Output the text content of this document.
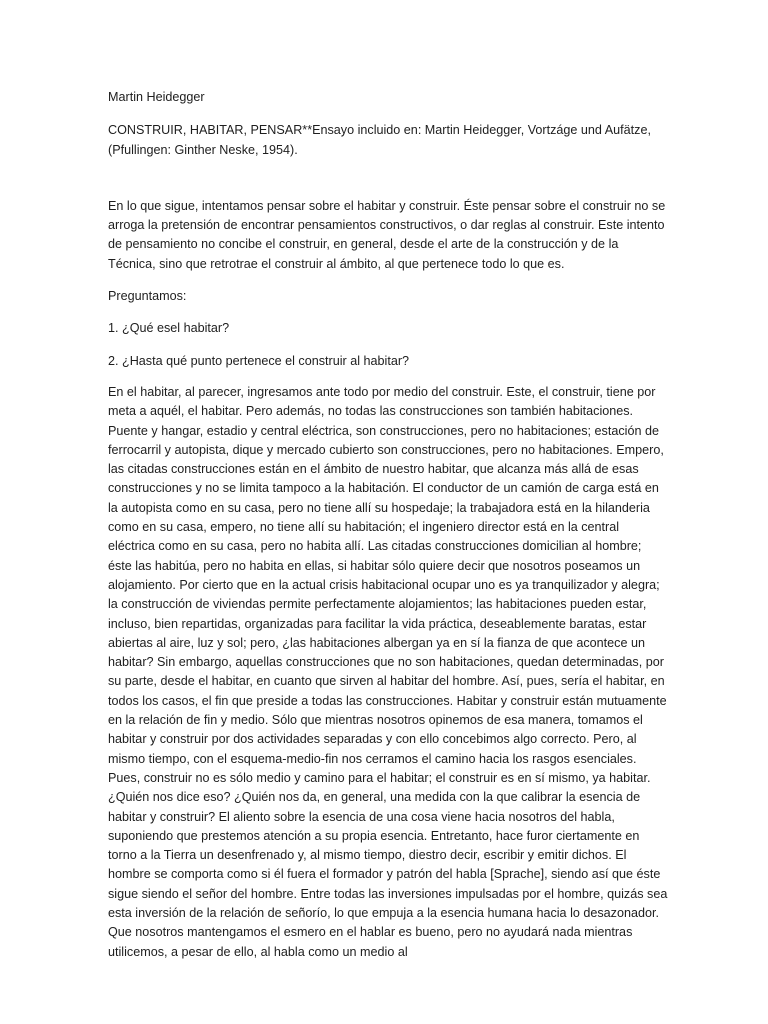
Martin Heidegger

CONSTRUIR, HABITAR, PENSAR**Ensayo incluido en: Martin Heidegger, Vortzáge und Aufätze, (Pfullingen: Ginther Neske, 1954).

En lo que sigue, intentamos pensar sobre el habitar y construir. Éste pensar sobre el construir no se arroga la pretensión de encontrar pensamientos constructivos, o dar reglas al construir. Este intento de pensamiento no concibe el construir, en general, desde el arte de la construcción y de la Técnica, sino que retrotrae el construir al ámbito, al que pertenece todo lo que es.

Preguntamos:

1. ¿Qué esel habitar?

2. ¿Hasta qué punto pertenece el construir al habitar?

En el habitar, al parecer, ingresamos ante todo por medio del construir. Este, el construir, tiene por meta a aquél, el habitar. Pero además, no todas las construcciones son también habitaciones. Puente y hangar, estadio y central eléctrica, son construcciones, pero no habitaciones; estación de ferrocarril y autopista, dique y mercado cubierto son construcciones, pero no habitaciones. Empero, las citadas construcciones están en el ámbito de nuestro habitar, que alcanza más allá de esas construcciones y no se limita tampoco a la habitación. El conductor de un camión de carga está en la autopista como en su casa, pero no tiene allí su hospedaje; la trabajadora está en la hilanderia como en su casa, empero, no tiene allí su habitación; el ingeniero director está en la central eléctrica como en su casa, pero no habita allí. Las citadas construcciones domicilian al hombre; éste las habitúa, pero no habita en ellas, si habitar sólo quiere decir que nosotros poseamos un alojamiento. Por cierto que en la actual crisis habitacional ocupar uno es ya tranquilizador y alegra; la construcción de viviendas permite perfectamente alojamientos; las habitaciones pueden estar, incluso, bien repartidas, organizadas para facilitar la vida práctica, deseablemente baratas, estar abiertas al aire, luz y sol; pero, ¿las habitaciones albergan ya en sí la fianza de que acontece un habitar? Sin embargo, aquellas construcciones que no son habitaciones, quedan determinadas, por su parte, desde el habitar, en cuanto que sirven al habitar del hombre. Así, pues, sería el habitar, en todos los casos, el fin que preside a todas las construcciones. Habitar y construir están mutuamente en la relación de fin y medio. Sólo que mientras nosotros opinemos de esa manera, tomamos el habitar y construir por dos actividades separadas y con ello concebimos algo correcto. Pero, al mismo tiempo, con el esquema-medio-fin nos cerramos el camino hacia los rasgos esenciales. Pues, construir no es sólo medio y camino para el habitar; el construir es en sí mismo, ya habitar. ¿Quién nos dice eso? ¿Quién nos da, en general, una medida con la que calibrar la esencia de habitar y construir? El aliento sobre la esencia de una cosa viene hacia nosotros del habla, suponiendo que prestemos atención a su propia esencia. Entretanto, hace furor ciertamente en torno a la Tierra un desenfrenado y, al mismo tiempo, diestro decir, escribir y emitir dichos. El hombre se comporta como si él fuera el formador y patrón del habla [Sprache], siendo así que éste sigue siendo el señor del hombre. Entre todas las inversiones impulsadas por el hombre, quizás sea esta inversión de la relación de señorío, lo que empuja a la esencia humana hacia lo desazonador. Que nosotros mantengamos el esmero en el hablar es bueno, pero no ayudará nada mientras utilicemos, a pesar de ello, al habla como un medio al
